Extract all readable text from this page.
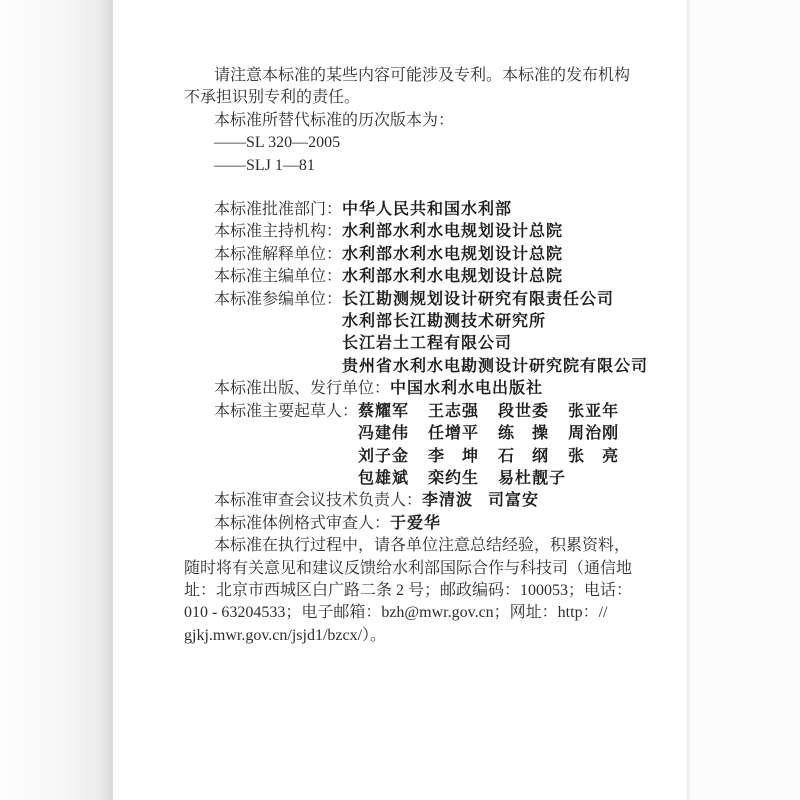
请注意本标准的某些内容可能涉及专利。本标准的发布机构
不承担识别专利的责任。
本标准所替代标准的历次版本为：
——SL 320—2005
——SLJ 1—81
本标准批准部门： 中华人民共和国水利部
本标准主持机构： 水利部水利水电规划设计总院
本标准解释单位： 水利部水利水电规划设计总院
本标准主编单位： 水利部水利水电规划设计总院
本标准参编单位： 长江勘测规划设计研究有限责任公司
水利部长江勘测技术研究所
长江岩土工程有限公司
贵州省水利水电勘测设计研究院有限公司
本标准出版、发行单位： 中国水利水电出版社
本标准主要起草人： 蔡耀军 王志强 段世委 张亚年
冯建伟 任增平 练　操 周治刚
刘子金 李　坤 石　纲 张　亮
包雄斌 栾约生 易杜靓子
本标准审查会议技术负责人： 李清波 司富安
本标准体例格式审查人： 于爱华
本标准在执行过程中，请各单位注意总结经验，积累资料，
随时将有关意见和建议反馈给水利部国际合作与科技司（通信地
址：北京市西城区白广路二条 2 号；邮政编码：100053；电话：
010 - 63204533；电子邮箱：bzh@mwr.gov.cn；网址：http：//
gjkj.mwr.gov.cn/jsjd1/bzcx/）。
